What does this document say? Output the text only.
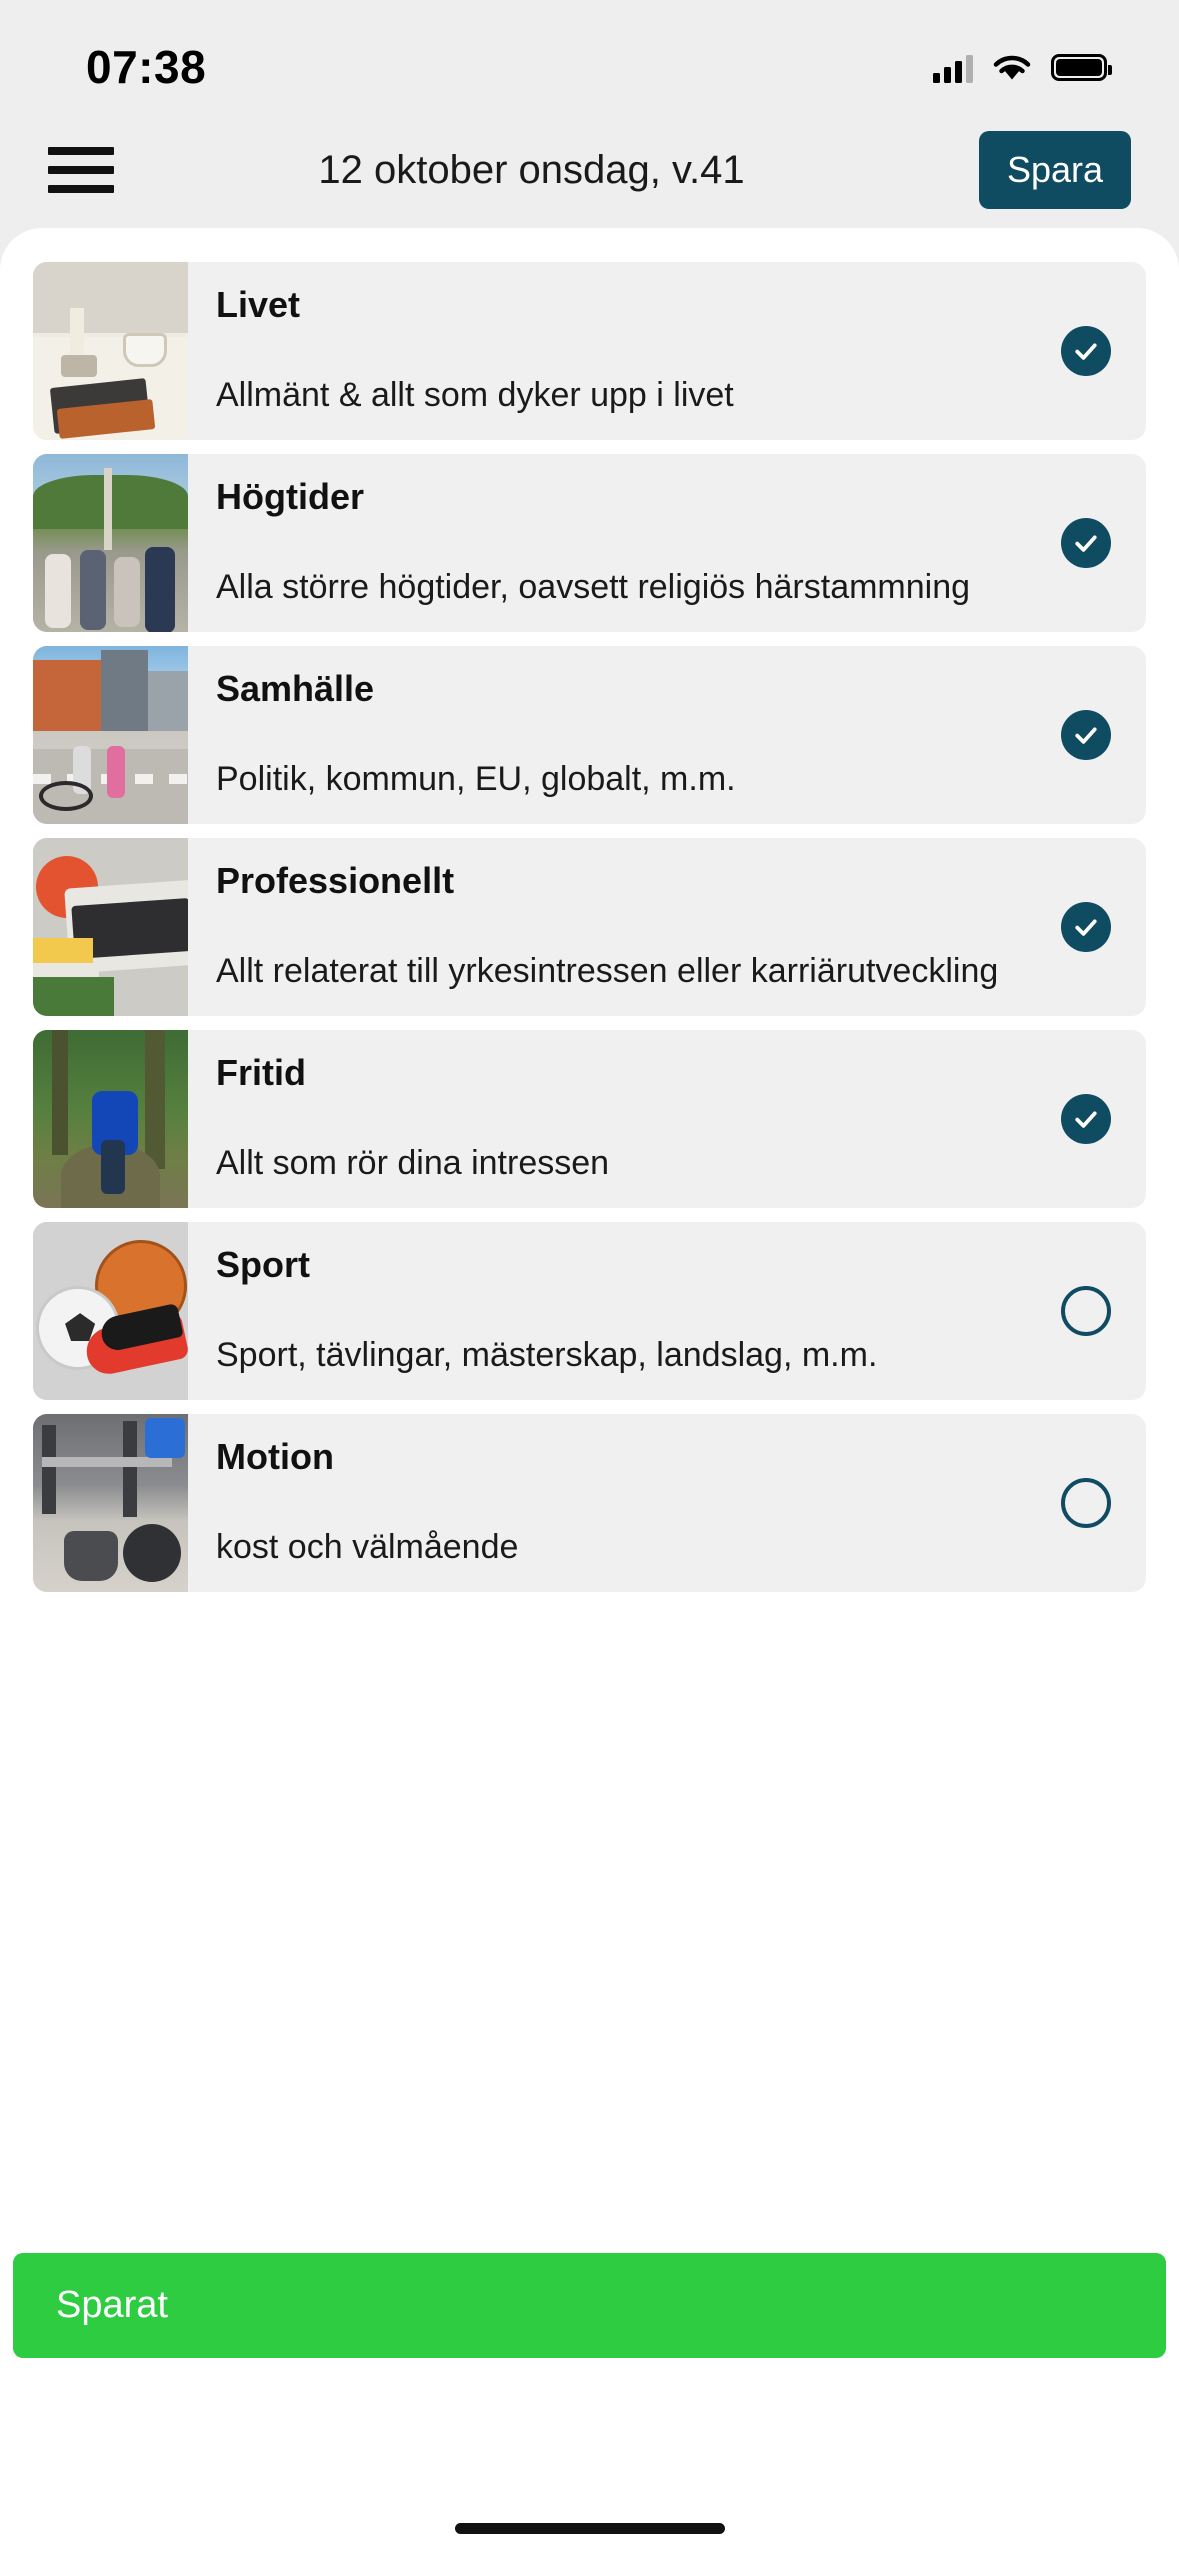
07:38
12 oktober onsdag, v.41	Spara
Livet
Allmänt & allt som dyker upp i livet
Högtider
Alla större högtider, oavsett religiös härstammning
Samhälle
Politik, kommun, EU, globalt, m.m.
Professionellt
Allt relaterat till yrkesintressen eller karriärutveckling
Fritid
Allt som rör dina intressen
Sport
Sport, tävlingar, mästerskap, landslag, m.m.
Motion
kost och välmående
Sparat
